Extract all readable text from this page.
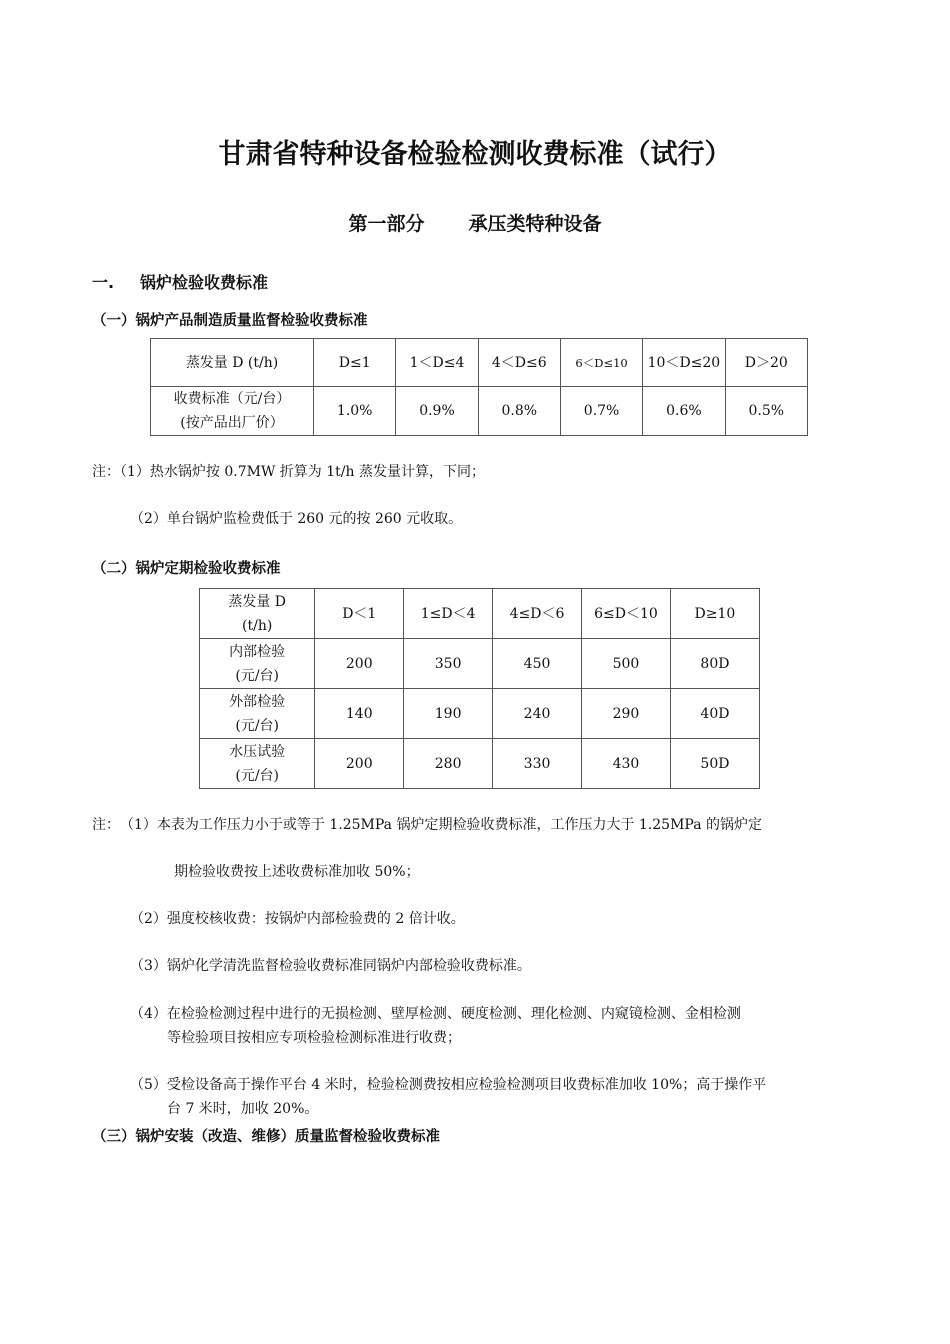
甘肃省特种设备检验检测收费标准（试行）
第一部分 承压类特种设备
一. 锅炉检验收费标准
（一）锅炉产品制造质量监督检验收费标准
蒸发量 D (t/h)	D≤1	1＜D≤4	4＜D≤6	6＜D≤10	10＜D≤20	D＞20

收费标准（元/台）
(按产品出厂价）	1.0%	0.9%	0.8%	0.7%	0.6%	0.5%
注：（1）热水锅炉按 0.7MW 折算为 1t/h 蒸发量计算，下同；
（2）单台锅炉监检费低于 260 元的按 260 元收取。
（二）锅炉定期检验收费标准
蒸发量 D
(t/h)	D＜1	1≤D＜4	4≤D＜6	6≤D＜10	D≥10

内部检验
(元/台)	200	350	450	500	80D

外部检验
(元/台)	140	190	240	290	40D

水压试验
(元/台)	200	280	330	430	50D
注：　（1）本表为工作压力小于或等于 1.25MPa 锅炉定期检验收费标准，工作压力大于 1.25MPa 的锅炉定
期检验收费按上述收费标准加收 50%；
（2）强度校核收费：按锅炉内部检验费的 2 倍计收。
（3）锅炉化学清洗监督检验收费标准同锅炉内部检验收费标准。
（4）在检验检测过程中进行的无损检测、壁厚检测、硬度检测、理化检测、内窥镜检测、金相检测
等检验项目按相应专项检验检测标准进行收费；
（5）受检设备高于操作平台 4 米时，检验检测费按相应检验检测项目收费标准加收 10%；高于操作平
台 7 米时，加收 20%。
（三）锅炉安装（改造、维修）质量监督检验收费标准
